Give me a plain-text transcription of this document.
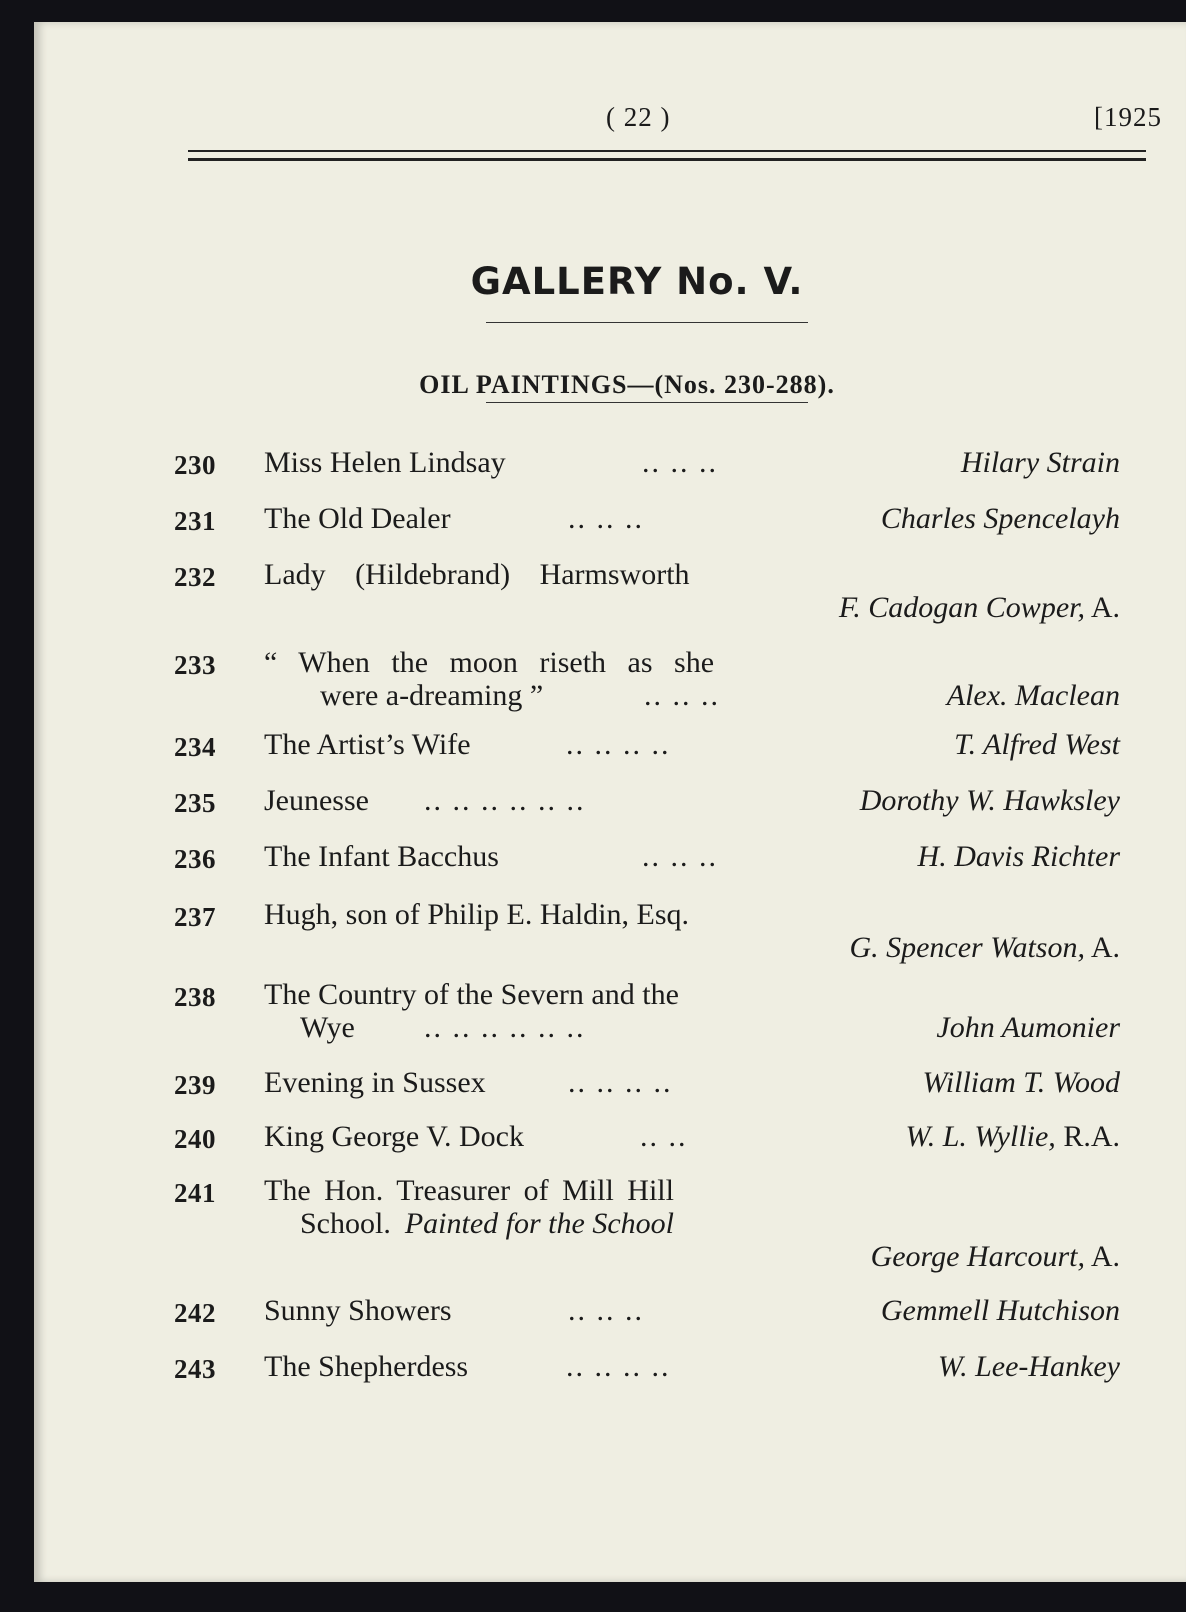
( 22 )	[1925
GALLERY No. V.
OIL PAINTINGS—(Nos. 230-288).
230 Miss Helen Lindsay	.. .. ..	Hilary Strain
231 The Old Dealer	.. .. ..	Charles Spencelayh
232 Lady (Hildebrand) Harmsworth
F. Cadogan Cowper, A.
233 “ When the moon riseth as she
were a-dreaming ”	.. .. ..	Alex. Maclean
234 The Artist’s Wife	.. .. .. ..	T. Alfred West
235 Jeunesse .. .. .. .. .. ..	Dorothy W. Hawksley
236 The Infant Bacchus	.. .. ..	H. Davis Richter
237 Hugh, son of Philip E. Haldin, Esq.
G. Spencer Watson, A.
238 The Country of the Severn and the
Wye .. .. .. .. .. ..	John Aumonier
239 Evening in Sussex	.. .. .. ..	William T. Wood
240 King George V. Dock	.. ..	W. L. Wyllie, R.A.
241 The Hon. Treasurer of Mill Hill
School. Painted for the School
George Harcourt, A.
242 Sunny Showers	.. .. ..	Gemmell Hutchison
243 The Shepherdess	.. .. .. ..	W. Lee-Hankey
